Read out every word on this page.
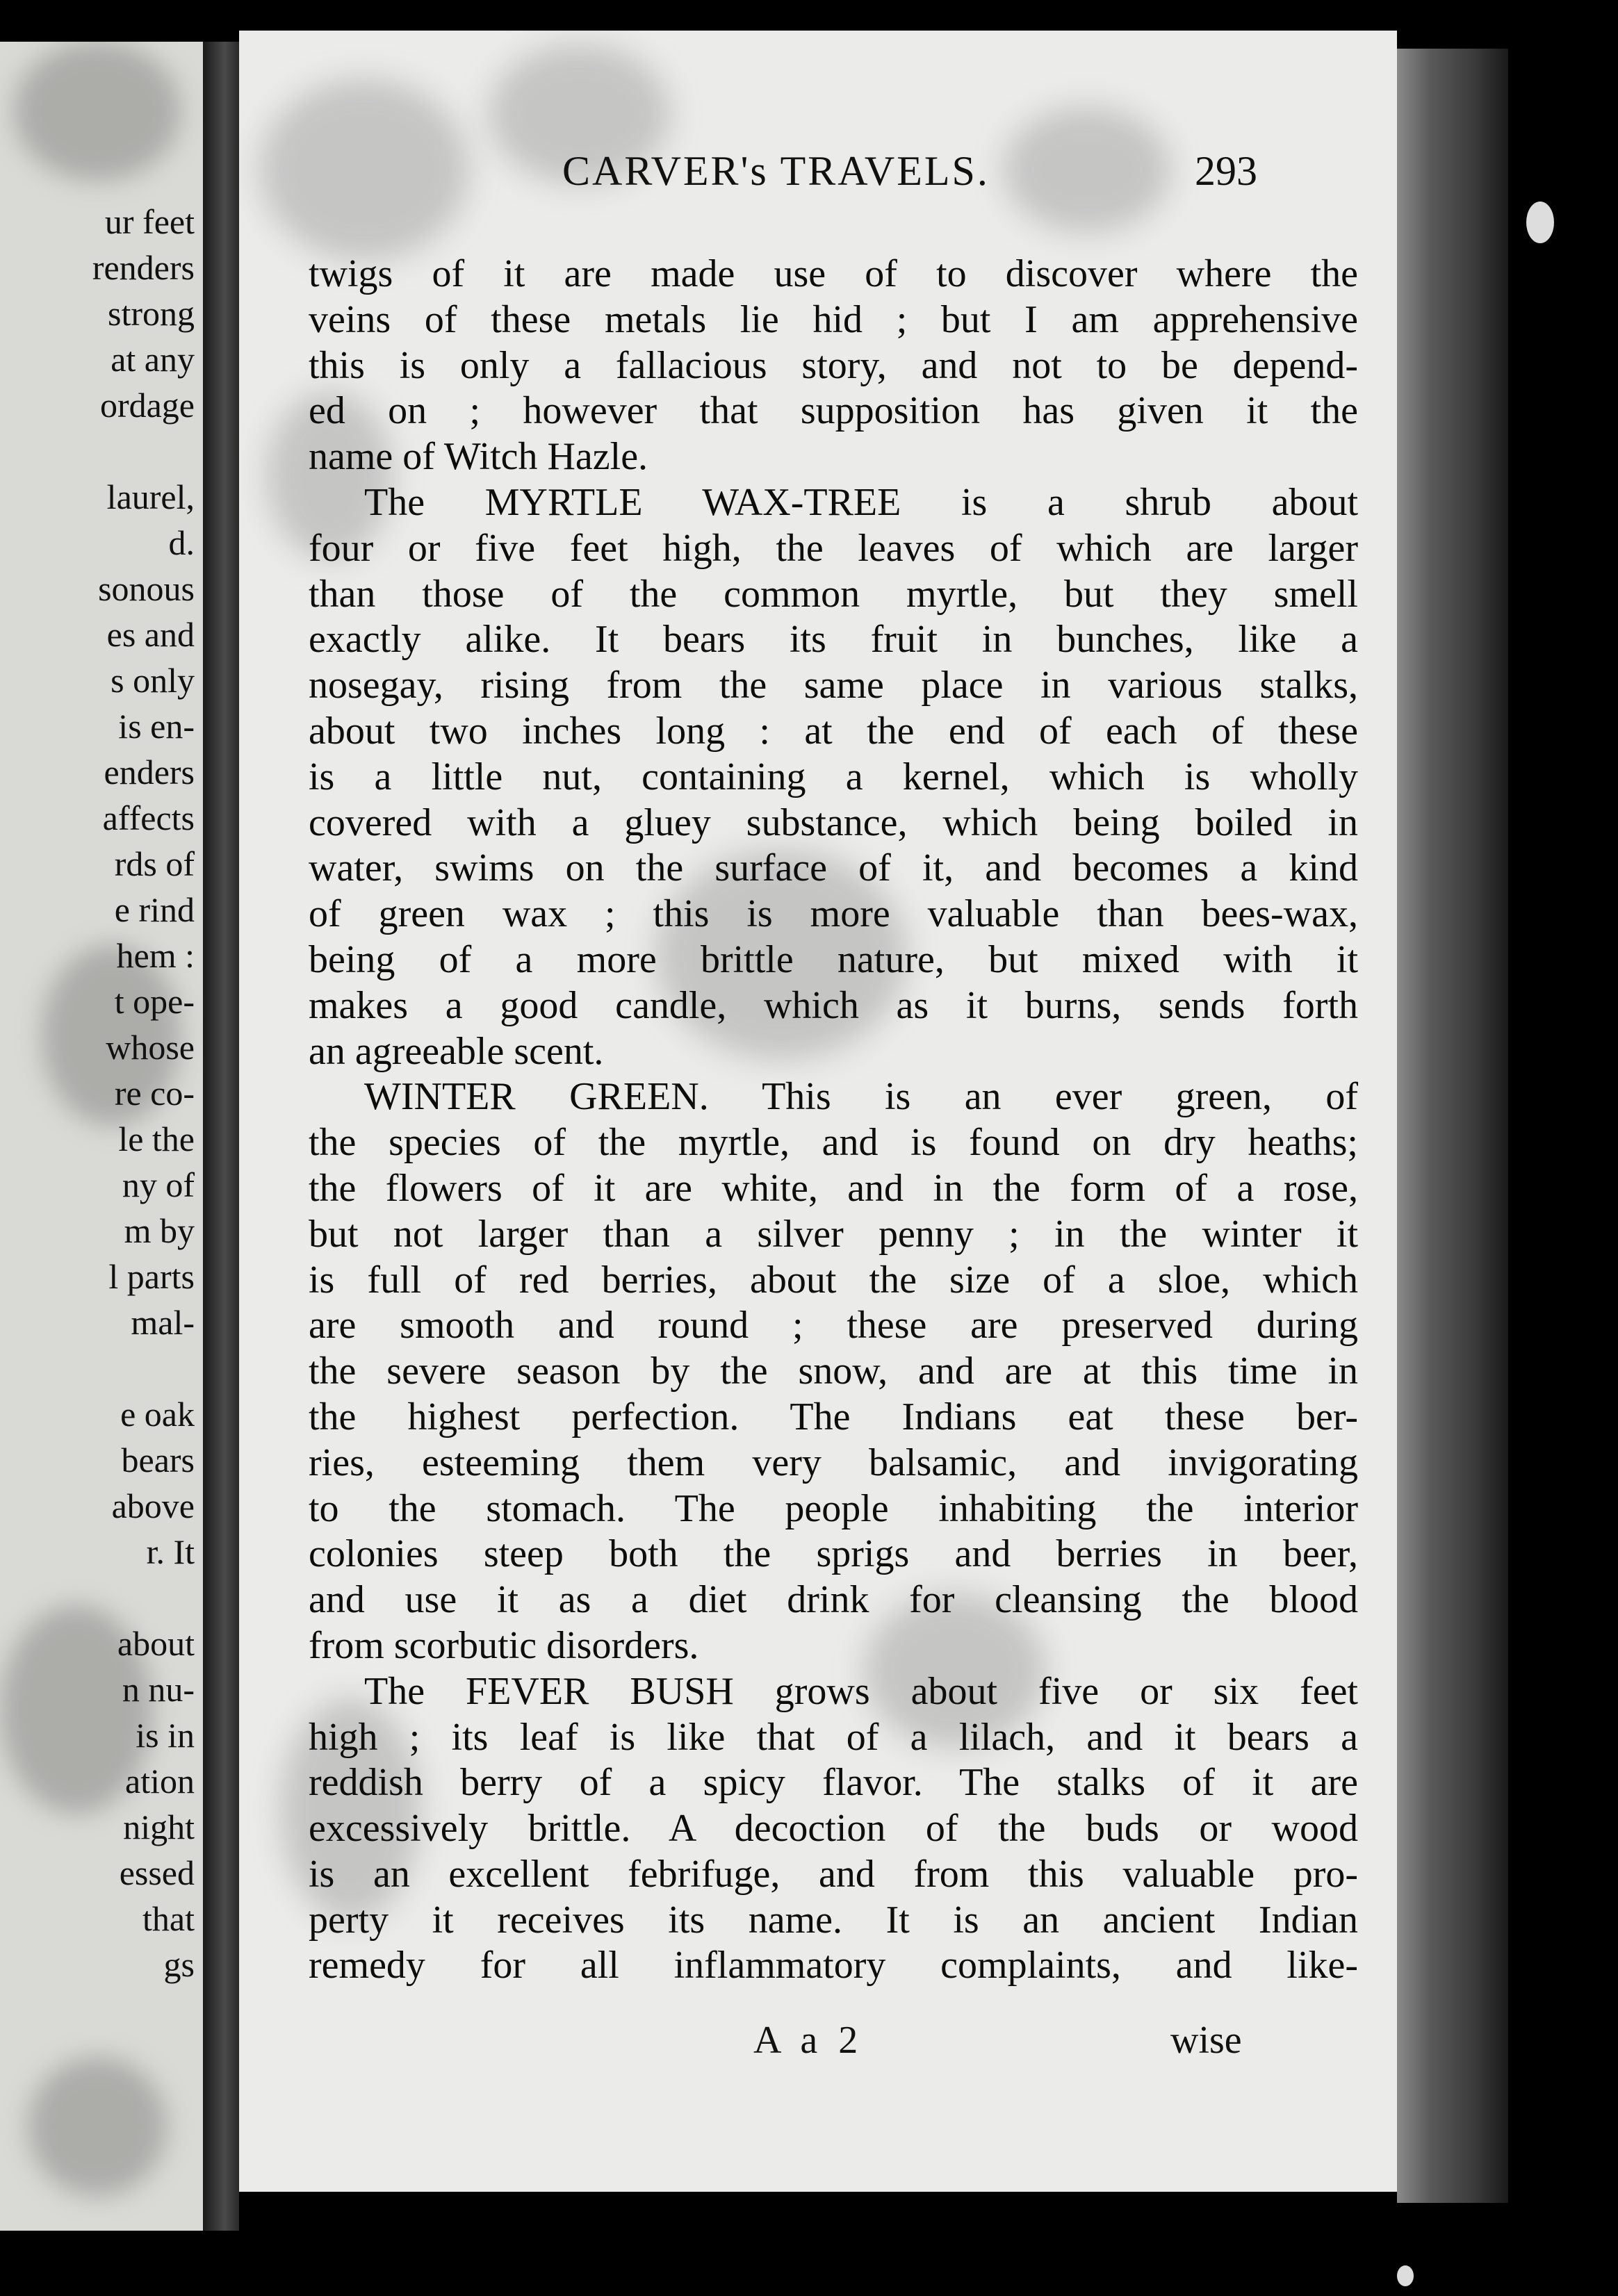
ur feet
renders
strong
at any
ordage
laurel,
d.
sonous
es and
s only
is en-
enders
affects
rds of
e rind
hem :
t ope-
whose
re co-
le the
ny of
m by
l parts
mal-
e oak
bears
above
r. It
about
n nu-
is in
ation
night
essed
that
gs
CARVER's TRAVELS.	293
twigs of it are made use of to discover where the
veins of these metals lie hid ; but I am apprehensive
this is only a fallacious story, and not to be depend-
ed on ; however that supposition has given it the
name of Witch Hazle.
The MYRTLE WAX-TREE is a shrub about
four or five feet high, the leaves of which are larger
than those of the common myrtle, but they smell
exactly alike. It bears its fruit in bunches, like a
nosegay, rising from the same place in various stalks,
about two inches long : at the end of each of these
is a little nut, containing a kernel, which is wholly
covered with a gluey substance, which being boiled in
water, swims on the surface of it, and becomes a kind
of green wax ; this is more valuable than bees-wax,
being of a more brittle nature, but mixed with it
makes a good candle, which as it burns, sends forth
an agreeable scent.
WINTER GREEN. This is an ever green, of
the species of the myrtle, and is found on dry heaths;
the flowers of it are white, and in the form of a rose,
but not larger than a silver penny ; in the winter it
is full of red berries, about the size of a sloe, which
are smooth and round ; these are preserved during
the severe season by the snow, and are at this time in
the highest perfection. The Indians eat these ber-
ries, esteeming them very balsamic, and invigorating
to the stomach. The people inhabiting the interior
colonies steep both the sprigs and berries in beer,
and use it as a diet drink for cleansing the blood
from scorbutic disorders.
The FEVER BUSH grows about five or six feet
high ; its leaf is like that of a lilach, and it bears a
reddish berry of a spicy flavor. The stalks of it are
excessively brittle. A decoction of the buds or wood
is an excellent febrifuge, and from this valuable pro-
perty it receives its name. It is an ancient Indian
remedy for all inflammatory complaints, and like-
A a 2	wise
